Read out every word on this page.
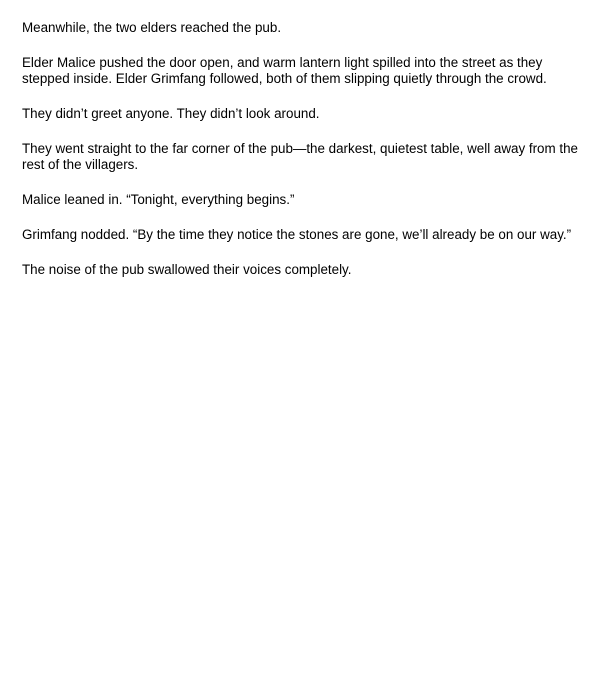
Meanwhile, the two elders reached the pub.

Elder Malice pushed the door open, and warm lantern light spilled into the street as they stepped inside. Elder Grimfang followed, both of them slipping quietly through the crowd.

They didn’t greet anyone. They didn’t look around.

They went straight to the far corner of the pub—the darkest, quietest table, well away from the rest of the villagers.

Malice leaned in. “Tonight, everything begins.”

Grimfang nodded. “By the time they notice the stones are gone, we’ll already be on our way.”

The noise of the pub swallowed their voices completely.
